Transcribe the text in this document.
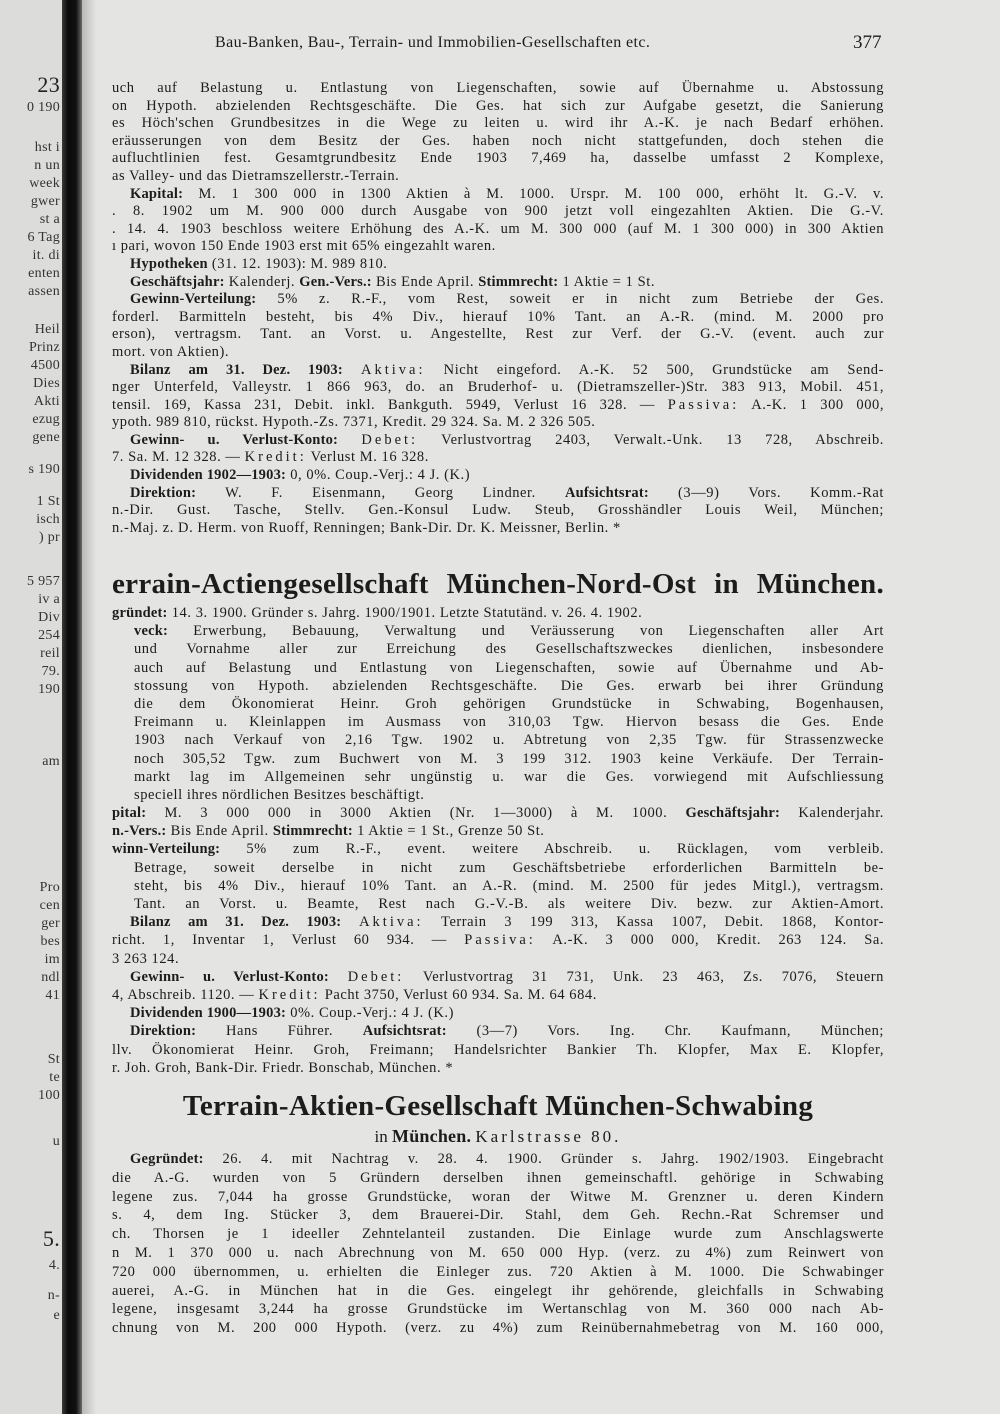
23
0 190
hst i
n un
week
gwer
st a
6 Tag
it. di
enten
assen
Heil
Prinz
4500
Dies
Akti
ezug
gene
s 190
1 St
isch
) pr
5 957
iv a
Div
254
reil
79.
190
am
Pro
cen
ger
bes
im
ndl
41
St
te
100
u
5.
4.
n-
e
Bau-Banken, Bau-, Terrain- und Immobilien-Gesellschaften etc.	377
uch auf Belastung u. Entlastung von Liegenschaften, sowie auf Übernahme u. Abstossung
on Hypoth. abzielenden Rechtsgeschäfte. Die Ges. hat sich zur Aufgabe gesetzt, die Sanierung
es Höch'schen Grundbesitzes in die Wege zu leiten u. wird ihr A.-K. je nach Bedarf erhöhen.
eräusserungen von dem Besitz der Ges. haben noch nicht stattgefunden, doch stehen die
aufluchtlinien fest. Gesamtgrundbesitz Ende 1903 7,469 ha, dasselbe umfasst 2 Komplexe,
as Valley- und das Dietramszellerstr.-Terrain.
Kapital: M. 1 300 000 in 1300 Aktien à M. 1000. Urspr. M. 100 000, erhöht lt. G.-V. v.
. 8. 1902 um M. 900 000 durch Ausgabe von 900 jetzt voll eingezahlten Aktien. Die G.-V.
. 14. 4. 1903 beschloss weitere Erhöhung des A.-K. um M. 300 000 (auf M. 1 300 000) in 300 Aktien
ı pari, wovon 150 Ende 1903 erst mit 65% eingezahlt waren.
Hypotheken (31. 12. 1903): M. 989 810.
Geschäftsjahr: Kalenderj. Gen.-Vers.: Bis Ende April. Stimmrecht: 1 Aktie = 1 St.
Gewinn-Verteilung: 5% z. R.-F., vom Rest, soweit er in nicht zum Betriebe der Ges.
forderl. Barmitteln besteht, bis 4% Div., hierauf 10% Tant. an A.-R. (mind. M. 2000 pro
erson), vertragsm. Tant. an Vorst. u. Angestellte, Rest zur Verf. der G.-V. (event. auch zur
mort. von Aktien).
Bilanz am 31. Dez. 1903: Aktiva: Nicht eingeford. A.-K. 52 500, Grundstücke am Send-
nger Unterfeld, Valleystr. 1 866 963, do. an Bruderhof- u. (Dietramszeller-)Str. 383 913, Mobil. 451,
tensil. 169, Kassa 231, Debit. inkl. Bankguth. 5949, Verlust 16 328. — Passiva: A.-K. 1 300 000,
ypoth. 989 810, rückst. Hypoth.-Zs. 7371, Kredit. 29 324. Sa. M. 2 326 505.
Gewinn- u. Verlust-Konto: Debet: Verlustvortrag 2403, Verwalt.-Unk. 13 728, Abschreib.
7. Sa. M. 12 328. — Kredit: Verlust M. 16 328.
Dividenden 1902—1903: 0, 0%. Coup.-Verj.: 4 J. (K.)
Direktion: W. F. Eisenmann, Georg Lindner. Aufsichtsrat: (3—9) Vors. Komm.-Rat
n.-Dir. Gust. Tasche, Stellv. Gen.-Konsul Ludw. Steub, Grosshändler Louis Weil, München;
n.-Maj. z. D. Herm. von Ruoff, Renningen; Bank-Dir. Dr. K. Meissner, Berlin. *
errain-Actiengesellschaft München-Nord-Ost in München.
gründet: 14. 3. 1900. Gründer s. Jahrg. 1900/1901. Letzte Statutänd. v. 26. 4. 1902.
veck: Erwerbung, Bebauung, Verwaltung und Veräusserung von Liegenschaften aller Art
und Vornahme aller zur Erreichung des Gesellschaftszweckes dienlichen, insbesondere
auch auf Belastung und Entlastung von Liegenschaften, sowie auf Übernahme und Ab-
stossung von Hypoth. abzielenden Rechtsgeschäfte. Die Ges. erwarb bei ihrer Gründung
die dem Ökonomierat Heinr. Groh gehörigen Grundstücke in Schwabing, Bogenhausen,
Freimann u. Kleinlappen im Ausmass von 310,03 Tgw. Hiervon besass die Ges. Ende
1903 nach Verkauf von 2,16 Tgw. 1902 u. Abtretung von 2,35 Tgw. für Strassenzwecke
noch 305,52 Tgw. zum Buchwert von M. 3 199 312. 1903 keine Verkäufe. Der Terrain-
markt lag im Allgemeinen sehr ungünstig u. war die Ges. vorwiegend mit Aufschliessung
speciell ihres nördlichen Besitzes beschäftigt.
pital: M. 3 000 000 in 3000 Aktien (Nr. 1—3000) à M. 1000. Geschäftsjahr: Kalenderjahr.
n.-Vers.: Bis Ende April. Stimmrecht: 1 Aktie = 1 St., Grenze 50 St.
winn-Verteilung: 5% zum R.-F., event. weitere Abschreib. u. Rücklagen, vom verbleib.
Betrage, soweit derselbe in nicht zum Geschäftsbetriebe erforderlichen Barmitteln be-
steht, bis 4% Div., hierauf 10% Tant. an A.-R. (mind. M. 2500 für jedes Mitgl.), vertragsm.
Tant. an Vorst. u. Beamte, Rest nach G.-V.-B. als weitere Div. bezw. zur Aktien-Amort.
Bilanz am 31. Dez. 1903: Aktiva: Terrain 3 199 313, Kassa 1007, Debit. 1868, Kontor-
richt. 1, Inventar 1, Verlust 60 934. — Passiva: A.-K. 3 000 000, Kredit. 263 124. Sa.
3 263 124.
Gewinn- u. Verlust-Konto: Debet: Verlustvortrag 31 731, Unk. 23 463, Zs. 7076, Steuern
4, Abschreib. 1120. — Kredit: Pacht 3750, Verlust 60 934. Sa. M. 64 684.
Dividenden 1900—1903: 0%. Coup.-Verj.: 4 J. (K.)
Direktion: Hans Führer. Aufsichtsrat: (3—7) Vors. Ing. Chr. Kaufmann, München;
llv. Ökonomierat Heinr. Groh, Freimann; Handelsrichter Bankier Th. Klopfer, Max E. Klopfer,
r. Joh. Groh, Bank-Dir. Friedr. Bonschab, München. *
Terrain-Aktien-Gesellschaft München-Schwabing
in München. Karlstrasse 80.
Gegründet: 26. 4. mit Nachtrag v. 28. 4. 1900. Gründer s. Jahrg. 1902/1903. Eingebracht
die A.-G. wurden von 5 Gründern derselben ihnen gemeinschaftl. gehörige in Schwabing
legene zus. 7,044 ha grosse Grundstücke, woran der Witwe M. Grenzner u. deren Kindern
s. 4, dem Ing. Stücker 3, dem Brauerei-Dir. Stahl, dem Geh. Rechn.-Rat Schremser und
ch. Thorsen je 1 ideeller Zehntelanteil zustanden. Die Einlage wurde zum Anschlagswerte
n M. 1 370 000 u. nach Abrechnung von M. 650 000 Hyp. (verz. zu 4%) zum Reinwert von
720 000 übernommen, u. erhielten die Einleger zus. 720 Aktien à M. 1000. Die Schwabinger
auerei, A.-G. in München hat in die Ges. eingelegt ihr gehörende, gleichfalls in Schwabing
legene, insgesamt 3,244 ha grosse Grundstücke im Wertanschlag von M. 360 000 nach Ab-
chnung von M. 200 000 Hypoth. (verz. zu 4%) zum Reinübernahmebetrag von M. 160 000,
